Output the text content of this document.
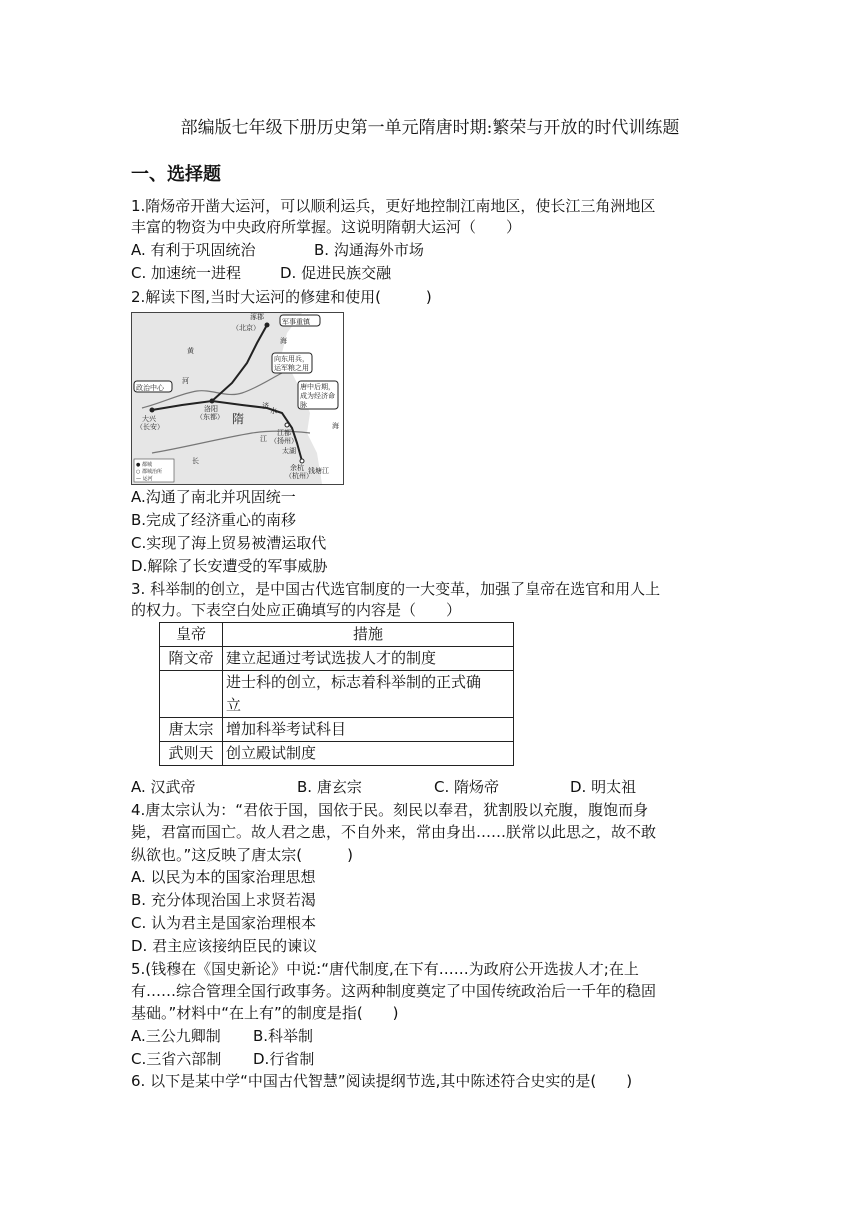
部编版七年级下册历史第一单元隋唐时期:繁荣与开放的时代训练题
一、选择题
1.隋炀帝开凿大运河，可以顺利运兵，更好地控制江南地区，使长江三角洲地区
丰富的物资为中央政府所掌握。这说明隋朝大运河（　　）
A. 有利于巩固统治	B. 沟通海外市场
C. 加速统一进程	D. 促进民族交融
2.解读下图,当时大运河的修建和使用(　　　)
涿郡
（北京）
军事重镇
向东用兵，
运军粮之用
政治中心	唐中后期，
成为经济命
脉
洛阳
（东都）
大兴
（长安）
隋
江都
（扬州）
太湖
余杭
（杭州）
钱塘江
黄
河
海
海
济
水
长
江
● 都城
○ 郡城治所
— 运河
A.沟通了南北并巩固统一
B.完成了经济重心的南移
C.实现了海上贸易被漕运取代
D.解除了长安遭受的军事威胁
3. 科举制的创立，是中国古代选官制度的一大变革，加强了皇帝在选官和用人上
的权力。下表空白处应正确填写的内容是（　　）
皇帝	措施
隋文帝	建立起通过考试选拔人才的制度

	进士科的创立，标志着科举制的正式确
立

唐太宗	增加科举考试科目
武则天	创立殿试制度
A. 汉武帝	B. 唐玄宗	C. 隋炀帝	D. 明太祖
4.唐太宗认为：“君依于国，国依于民。刻民以奉君，犹割股以充腹，腹饱而身
毙，君富而国亡。故人君之患，不自外来，常由身出……朕常以此思之，故不敢
纵欲也。”这反映了唐太宗(　　　)
A. 以民为本的国家治理思想
B. 充分体现治国上求贤若渴
C. 认为君主是国家治理根本
D. 君主应该接纳臣民的谏议
5.(钱穆在《国史新论》中说:“唐代制度,在下有……为政府公开选拔人才;在上
有……综合管理全国行政事务。这两种制度奠定了中国传统政治后一千年的稳固
基础。”材料中“在上有”的制度是指(　　)
A.三公九卿制 B.科举制
C.三省六部制 D.行省制
6. 以下是某中学“中国古代智慧”阅读提纲节选,其中陈述符合史实的是(　　)
